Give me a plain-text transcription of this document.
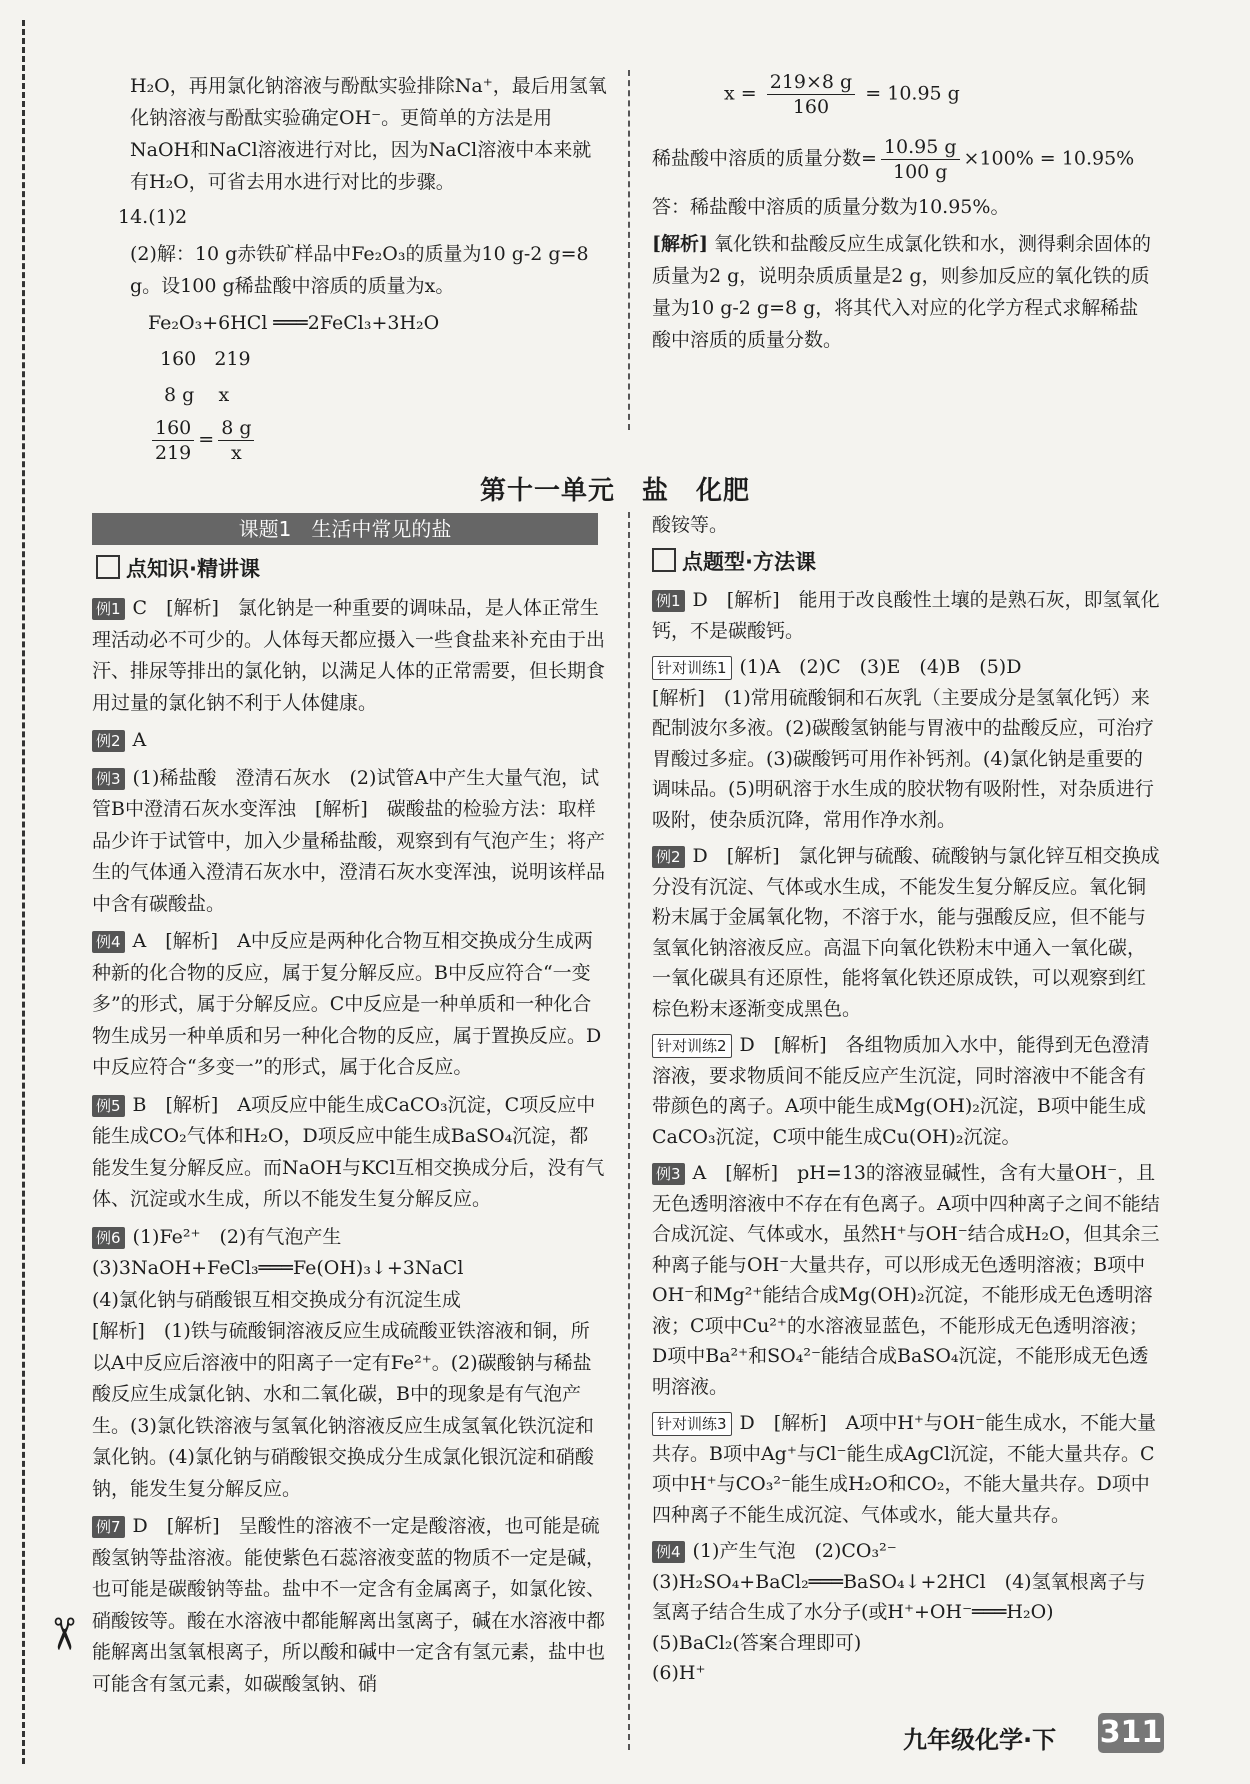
✂

H₂O，再用氯化钠溶液与酚酞实验排除Na⁺，最后用氢氧化钠溶液与酚酞实验确定OH⁻。更简单的方法是用NaOH和NaCl溶液进行对比，因为NaCl溶液中本来就有H₂O，可省去用水进行对比的步骤。

14.(1)2

(2)解：10 g赤铁矿样品中Fe₂O₃的质量为10 g-2 g=8 g。设100 g稀盐酸中溶质的质量为x。

Fe₂O₃+6HCl ═══2FeCl₃+3H₂O

160   219

8 g    x

$\frac{160}{219} = \frac{8 g}{x}$
$x = \frac{219\times 8 g}{160} = 10.95$ g
稀盐酸中溶质的质量分数= $\frac{10.95 g}{100 g} \times 100\% = 10.95\%$

答：稀盐酸中溶质的质量分数为10.95%。

[解析] 氧化铁和盐酸反应生成氯化铁和水，测得剩余固体的质量为2 g，说明杂质质量是2 g，则参加反应的氧化铁的质量为10 g-2 g=8 g，将其代入对应的化学方程式求解稀盐酸中溶质的质量分数。

第十一单元　盐　化肥
课题1　生活中常见的盐
点知识·精讲课

例1 C　[解析]　氯化钠是一种重要的调味品，是人体正常生理活动必不可少的。人体每天都应摄入一些食盐来补充由于出汗、排尿等排出的氯化钠，以满足人体的正常需要，但长期食用过量的氯化钠不利于人体健康。

例2 A

例3 (1)稀盐酸　澄清石灰水　(2)试管A中产生大量气泡，试管B中澄清石灰水变浑浊　[解析]　碳酸盐的检验方法：取样品少许于试管中，加入少量稀盐酸，观察到有气泡产生；将产生的气体通入澄清石灰水中，澄清石灰水变浑浊，说明该样品中含有碳酸盐。

例4 A　[解析]　A中反应是两种化合物互相交换成分生成两种新的化合物的反应，属于复分解反应。B中反应符合“一变多”的形式，属于分解反应。C中反应是一种单质和一种化合物生成另一种单质和另一种化合物的反应，属于置换反应。D中反应符合“多变一”的形式，属于化合反应。

例5 B　[解析]　A项反应中能生成CaCO₃沉淀，C项反应中能生成CO₂气体和H₂O，D项反应中能生成BaSO₄沉淀，都能发生复分解反应。而NaOH与KCl互相交换成分后，没有气体、沉淀或水生成，所以不能发生复分解反应。

例6 (1)Fe²⁺　(2)有气泡产生

(3)3NaOH+FeCl₃═══Fe(OH)₃↓+3NaCl

(4)氯化钠与硝酸银互相交换成分有沉淀生成

[解析]　(1)铁与硫酸铜溶液反应生成硫酸亚铁溶液和铜，所以A中反应后溶液中的阳离子一定有Fe²⁺。(2)碳酸钠与稀盐酸反应生成氯化钠、水和二氧化碳，B中的现象是有气泡产生。(3)氯化铁溶液与氢氧化钠溶液反应生成氢氧化铁沉淀和氯化钠。(4)氯化钠与硝酸银交换成分生成氯化银沉淀和硝酸钠，能发生复分解反应。

例7 D　[解析]　呈酸性的溶液不一定是酸溶液，也可能是硫酸氢钠等盐溶液。能使紫色石蕊溶液变蓝的物质不一定是碱，也可能是碳酸钠等盐。盐中不一定含有金属离子，如氯化铵、硝酸铵等。酸在水溶液中都能解离出氢离子，碱在水溶液中都能解离出氢氧根离子，所以酸和碱中一定含有氢元素，盐中也可能含有氢元素，如碳酸氢钠、硝

酸铵等。

点题型·方法课

例1 D　[解析]　能用于改良酸性土壤的是熟石灰，即氢氧化钙，不是碳酸钙。

针对训练1 (1)A　(2)C　(3)E　(4)B　(5)D

[解析]　(1)常用硫酸铜和石灰乳（主要成分是氢氧化钙）来配制波尔多液。(2)碳酸氢钠能与胃液中的盐酸反应，可治疗胃酸过多症。(3)碳酸钙可用作补钙剂。(4)氯化钠是重要的调味品。(5)明矾溶于水生成的胶状物有吸附性，对杂质进行吸附，使杂质沉降，常用作净水剂。

例2 D　[解析]　氯化钾与硫酸、硫酸钠与氯化锌互相交换成分没有沉淀、气体或水生成，不能发生复分解反应。氧化铜粉末属于金属氧化物，不溶于水，能与强酸反应，但不能与氢氧化钠溶液反应。高温下向氧化铁粉末中通入一氧化碳，一氧化碳具有还原性，能将氧化铁还原成铁，可以观察到红棕色粉末逐渐变成黑色。

针对训练2 D　[解析]　各组物质加入水中，能得到无色澄清溶液，要求物质间不能反应产生沉淀，同时溶液中不能含有带颜色的离子。A项中能生成Mg(OH)₂沉淀，B项中能生成CaCO₃沉淀，C项中能生成Cu(OH)₂沉淀。

例3 A　[解析]　pH=13的溶液显碱性，含有大量OH⁻，且无色透明溶液中不存在有色离子。A项中四种离子之间不能结合成沉淀、气体或水，虽然H⁺与OH⁻结合成H₂O，但其余三种离子能与OH⁻大量共存，可以形成无色透明溶液；B项中OH⁻和Mg²⁺能结合成Mg(OH)₂沉淀，不能形成无色透明溶液；C项中Cu²⁺的水溶液显蓝色，不能形成无色透明溶液；D项中Ba²⁺和SO₄²⁻能结合成BaSO₄沉淀，不能形成无色透明溶液。

针对训练3 D　[解析]　A项中H⁺与OH⁻能生成水，不能大量共存。B项中Ag⁺与Cl⁻能生成AgCl沉淀，不能大量共存。C项中H⁺与CO₃²⁻能生成H₂O和CO₂，不能大量共存。D项中四种离子不能生成沉淀、气体或水，能大量共存。

例4 (1)产生气泡　(2)CO₃²⁻　(3)H₂SO₄+BaCl₂═══BaSO₄↓+2HCl　(4)氢氧根离子与氢离子结合生成了水分子(或H⁺+OH⁻═══H₂O)　(5)BaCl₂(答案合理即可)

(6)H⁺

九年级化学·下 311
